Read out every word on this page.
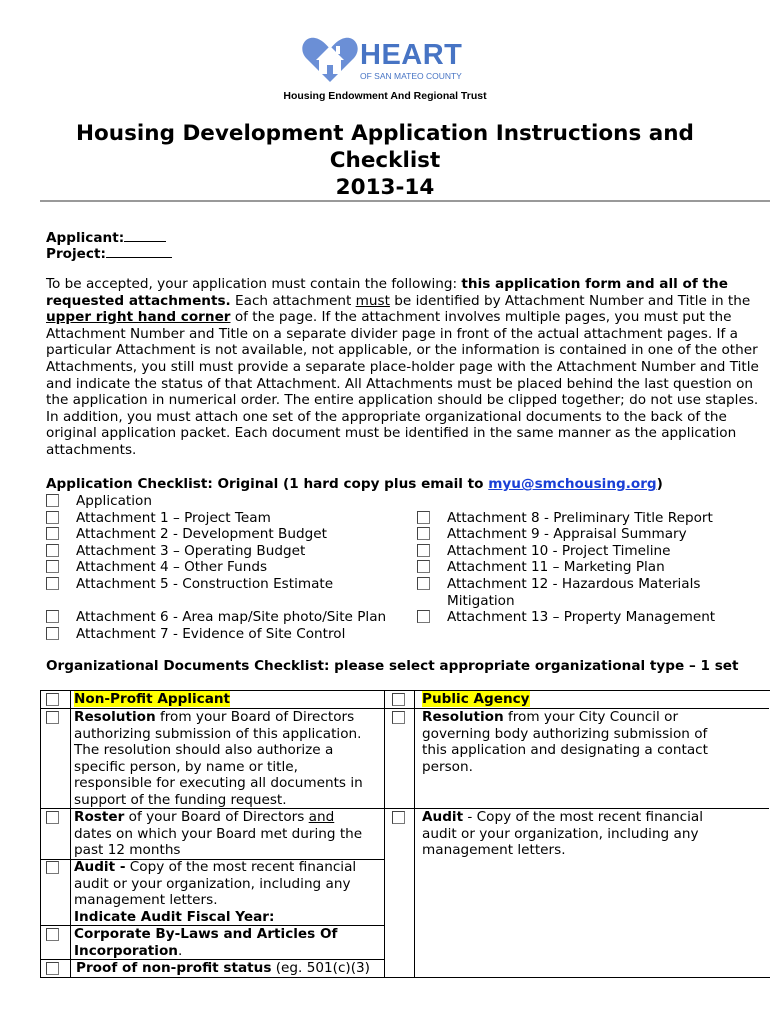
HEART
OF SAN MATEO COUNTY
Housing Endowment And Regional Trust
Housing Development Application Instructions and
Checklist
2013-14
Applicant:
Project:
To be accepted, your application must contain the following: this application form and all of the requested attachments. Each attachment must be identified by Attachment Number and Title in the upper right hand corner of the page. If the attachment involves multiple pages, you must put the Attachment Number and Title on a separate divider page in front of the actual attachment pages. If a particular Attachment is not available, not applicable, or the information is contained in one of the other Attachments, you still must provide a separate place-holder page with the Attachment Number and Title and indicate the status of that Attachment. All Attachments must be placed behind the last question on the application in numerical order. The entire application should be clipped together; do not use staples. In addition, you must attach one set of the appropriate organizational documents to the back of the original application packet. Each document must be identified in the same manner as the application attachments.
Application Checklist: Original (1 hard copy plus email to myu@smchousing.org)
Application
Attachment 1 – Project Team
Attachment 2 - Development Budget
Attachment 3 – Operating Budget
Attachment 4 – Other Funds
Attachment 5 - Construction Estimate
Attachment 6 - Area map/Site photo/Site Plan
Attachment 7 - Evidence of Site Control
Attachment 8 - Preliminary Title Report
Attachment 9 - Appraisal Summary
Attachment 10 - Project Timeline
Attachment 11 – Marketing Plan
Attachment 12 - Hazardous Materials
Mitigation
Attachment 13 – Property Management
Organizational Documents Checklist: please select appropriate organizational type – 1 set
Non-Profit Applicant	Public Agency
Resolution from your Board of Directors authorizing submission of this application. The resolution should also authorize a specific person, by name or title, responsible for executing all documents in support of the funding request.
Roster of your Board of Directors and dates on which your Board met during the past 12 months
Audit - Copy of the most recent financial audit or your organization, including any management letters.
Indicate Audit Fiscal Year:
Corporate By-Laws and Articles Of Incorporation.
Proof of non-profit status (eg. 501(c)(3)
Resolution from your City Council or governing body authorizing submission of this application and designating a contact person.
Audit - Copy of the most recent financial audit or your organization, including any management letters.
